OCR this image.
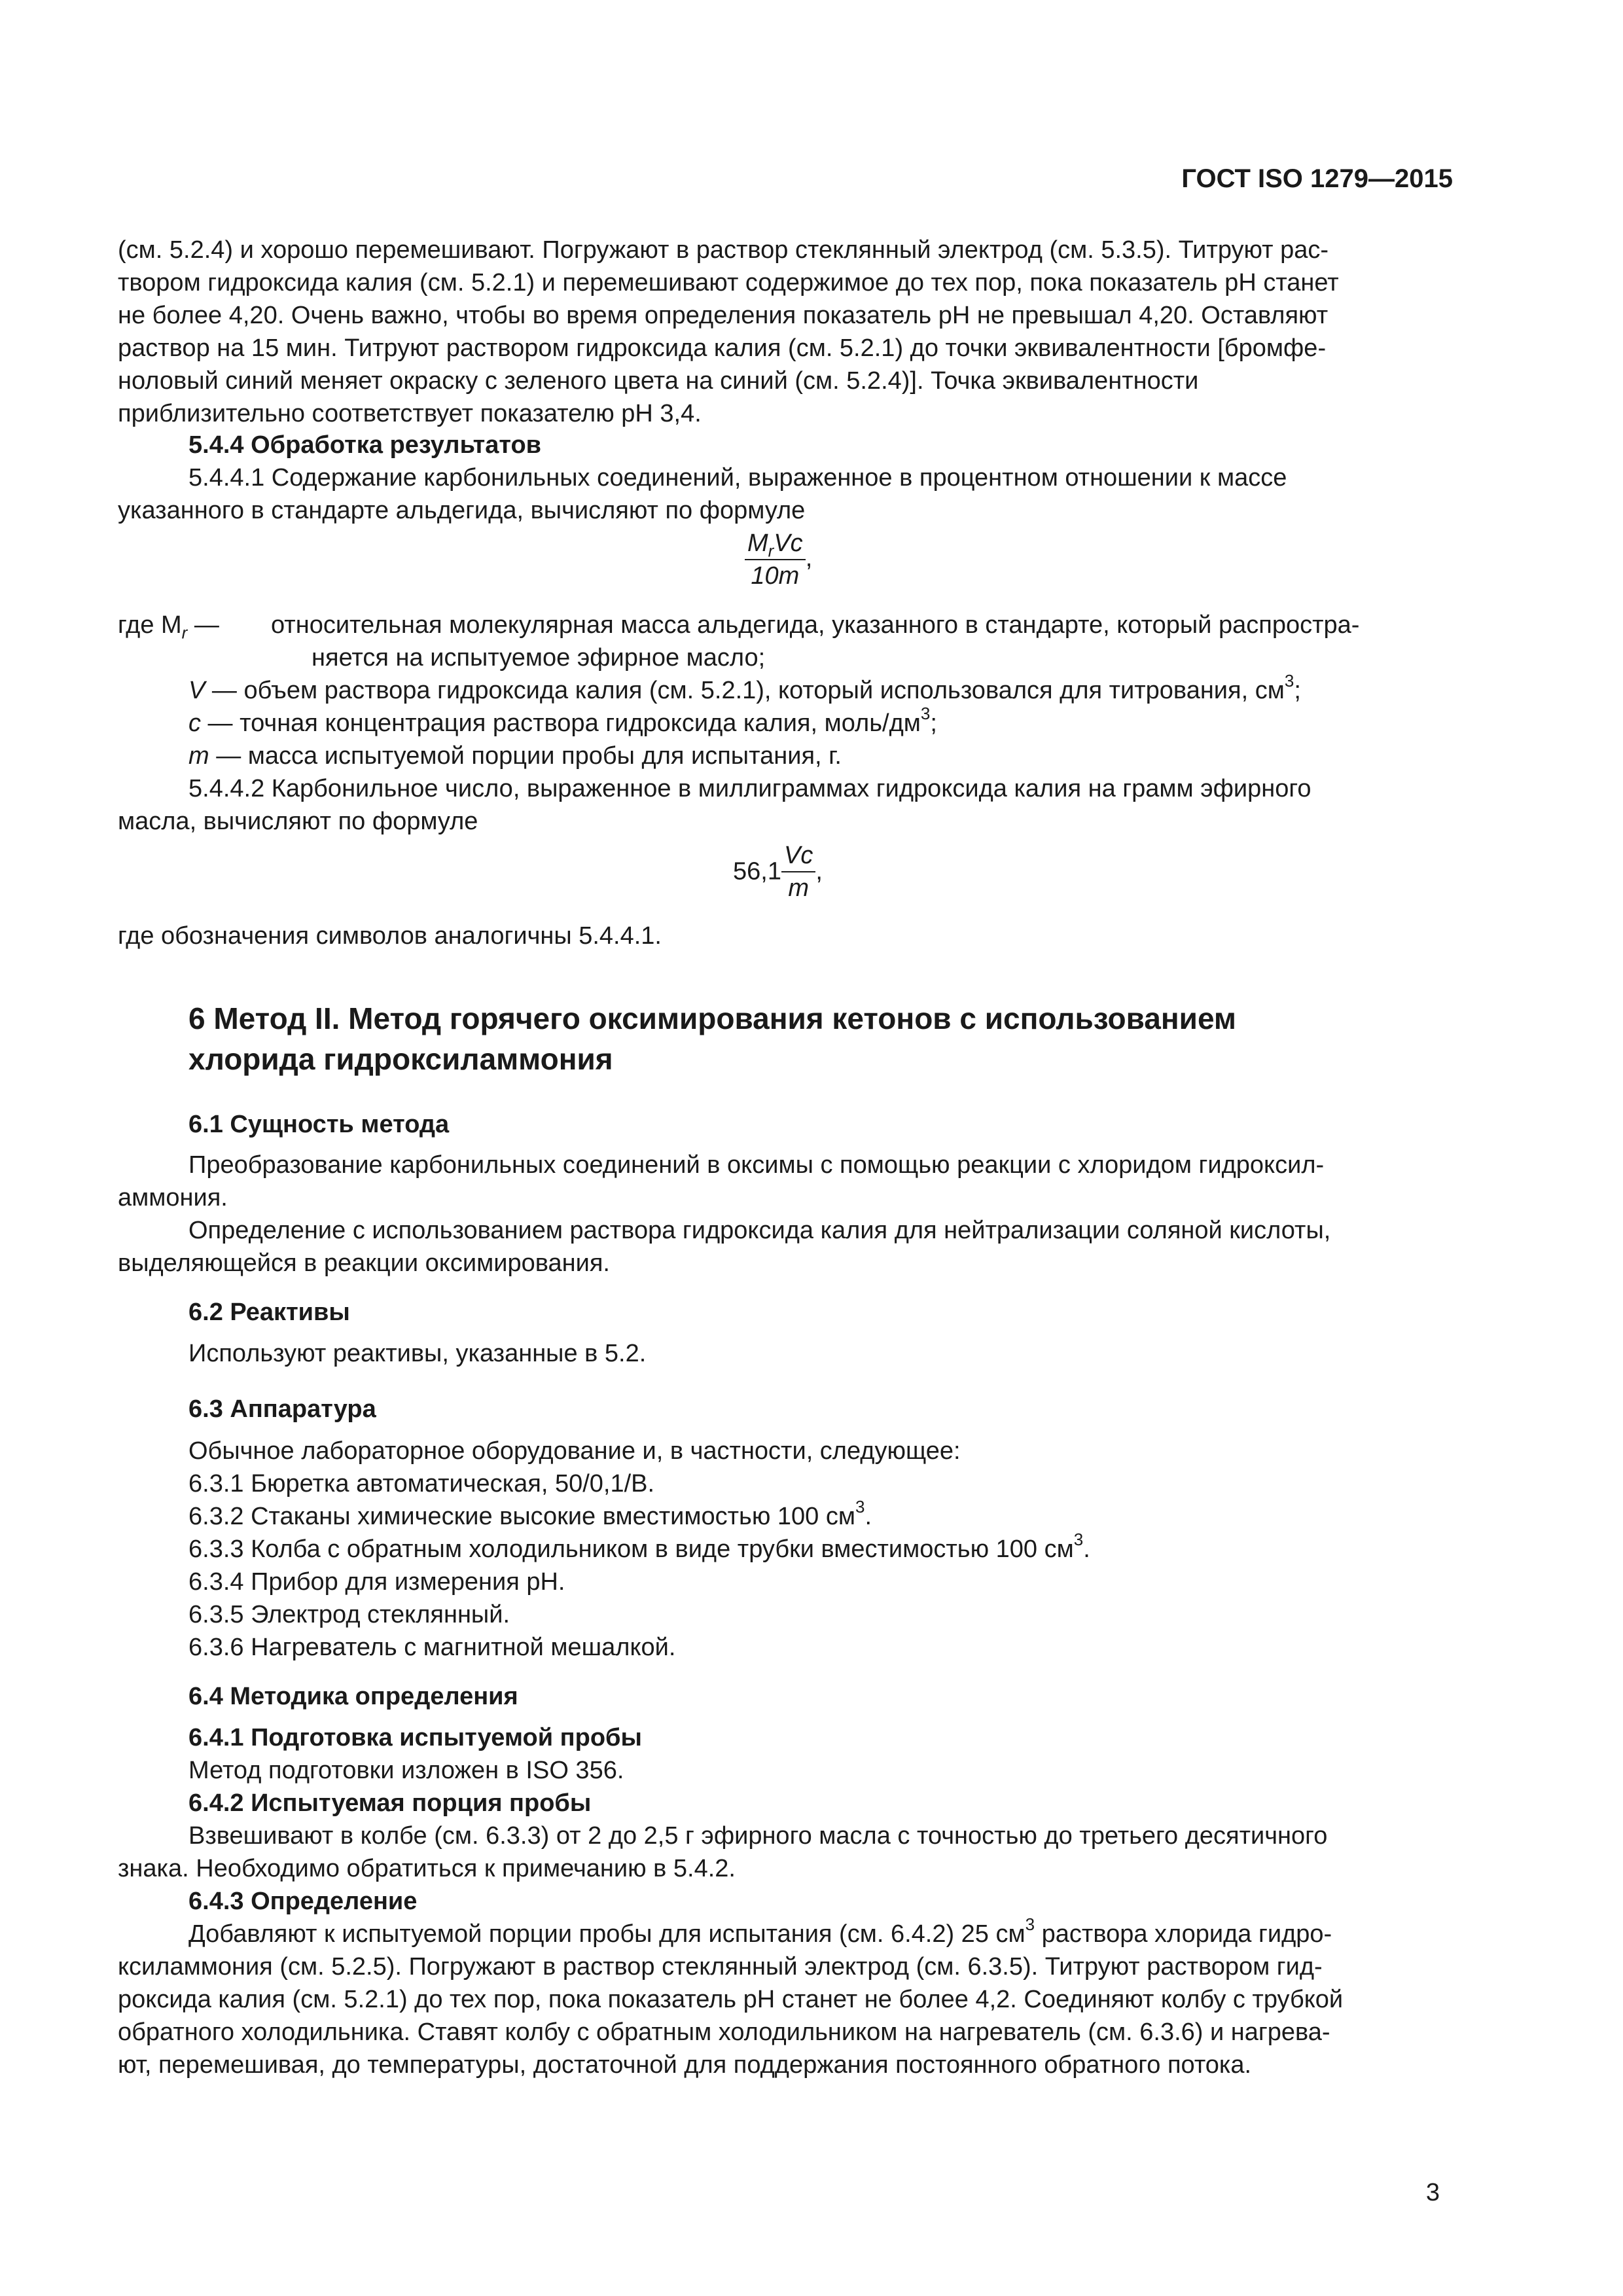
ГОСТ ISO 1279—2015
(см. 5.2.4) и хорошо перемешивают. Погружают в раствор стеклянный электрод (см. 5.3.5). Титруют рас-
твором гидроксида калия (см. 5.2.1) и перемешивают содержимое до тех пор, пока показатель pH станет
не более 4,20. Очень важно, чтобы во время определения показатель pH не превышал 4,20. Оставляют
раствор на 15 мин. Титруют раствором гидроксида калия (см. 5.2.1) до точки эквивалентности [бромфе-
ноловый синий меняет окраску с зеленого цвета на синий (см. 5.2.4)]. Точка эквивалентности
приблизительно соответствует показателю pH 3,4.
5.4.4 Обработка результатов
5.4.4.1 Содержание карбонильных соединений, выраженное в процентном отношении к массе
указанного в стандарте альдегида, вычисляют по формуле
$\frac{M_rVc}{10m}$ ,
где $M_r$ — относительная молекулярная масса альдегида, указанного в стандарте, который распростра-
няется на испытуемое эфирное масло;
V — объем раствора гидроксида калия (см. 5.2.1), который использовался для титрования, $см^3$;
c — точная концентрация раствора гидроксида калия, моль/$дм^3$;
m — масса испытуемой порции пробы для испытания, г.
5.4.4.2 Карбонильное число, выраженное в миллиграммах гидроксида калия на грамм эфирного
масла, вычисляют по формуле
$56,1 \frac{Vc}{m}$ ,
где обозначения символов аналогичны 5.4.4.1.
6 Метод II. Метод горячего оксимирования кетонов с использованием
хлорида гидроксиламмония
6.1 Сущность метода
Преобразование карбонильных соединений в оксимы с помощью реакции с хлоридом гидроксил-
аммония.
Определение с использованием раствора гидроксида калия для нейтрализации соляной кислоты,
выделяющейся в реакции оксимирования.
6.2 Реактивы
Используют реактивы, указанные в 5.2.
6.3 Аппаратура
Обычное лабораторное оборудование и, в частности, следующее:
6.3.1 Бюретка автоматическая, 50/0,1/В.
6.3.2 Стаканы химические высокие вместимостью 100 $см^3$.
6.3.3 Колба с обратным холодильником в виде трубки вместимостью 100 $см^3$.
6.3.4 Прибор для измерения pH.
6.3.5 Электрод стеклянный.
6.3.6 Нагреватель с магнитной мешалкой.
6.4 Методика определения
6.4.1 Подготовка испытуемой пробы
Метод подготовки изложен в ISO 356.
6.4.2 Испытуемая порция пробы
Взвешивают в колбе (см. 6.3.3) от 2 до 2,5 г эфирного масла с точностью до третьего десятичного
знака. Необходимо обратиться к примечанию в 5.4.2.
6.4.3 Определение
Добавляют к испытуемой порции пробы для испытания (см. 6.4.2) 25 $см^3$ раствора хлорида гидро-
ксиламмония (см. 5.2.5). Погружают в раствор стеклянный электрод (см. 6.3.5). Титруют раствором гид-
роксида калия (см. 5.2.1) до тех пор, пока показатель pH станет не более 4,2. Соединяют колбу с трубкой
обратного холодильника. Ставят колбу с обратным холодильником на нагреватель (см. 6.3.6) и нагрева-
ют, перемешивая, до температуры, достаточной для поддержания постоянного обратного потока.
3
